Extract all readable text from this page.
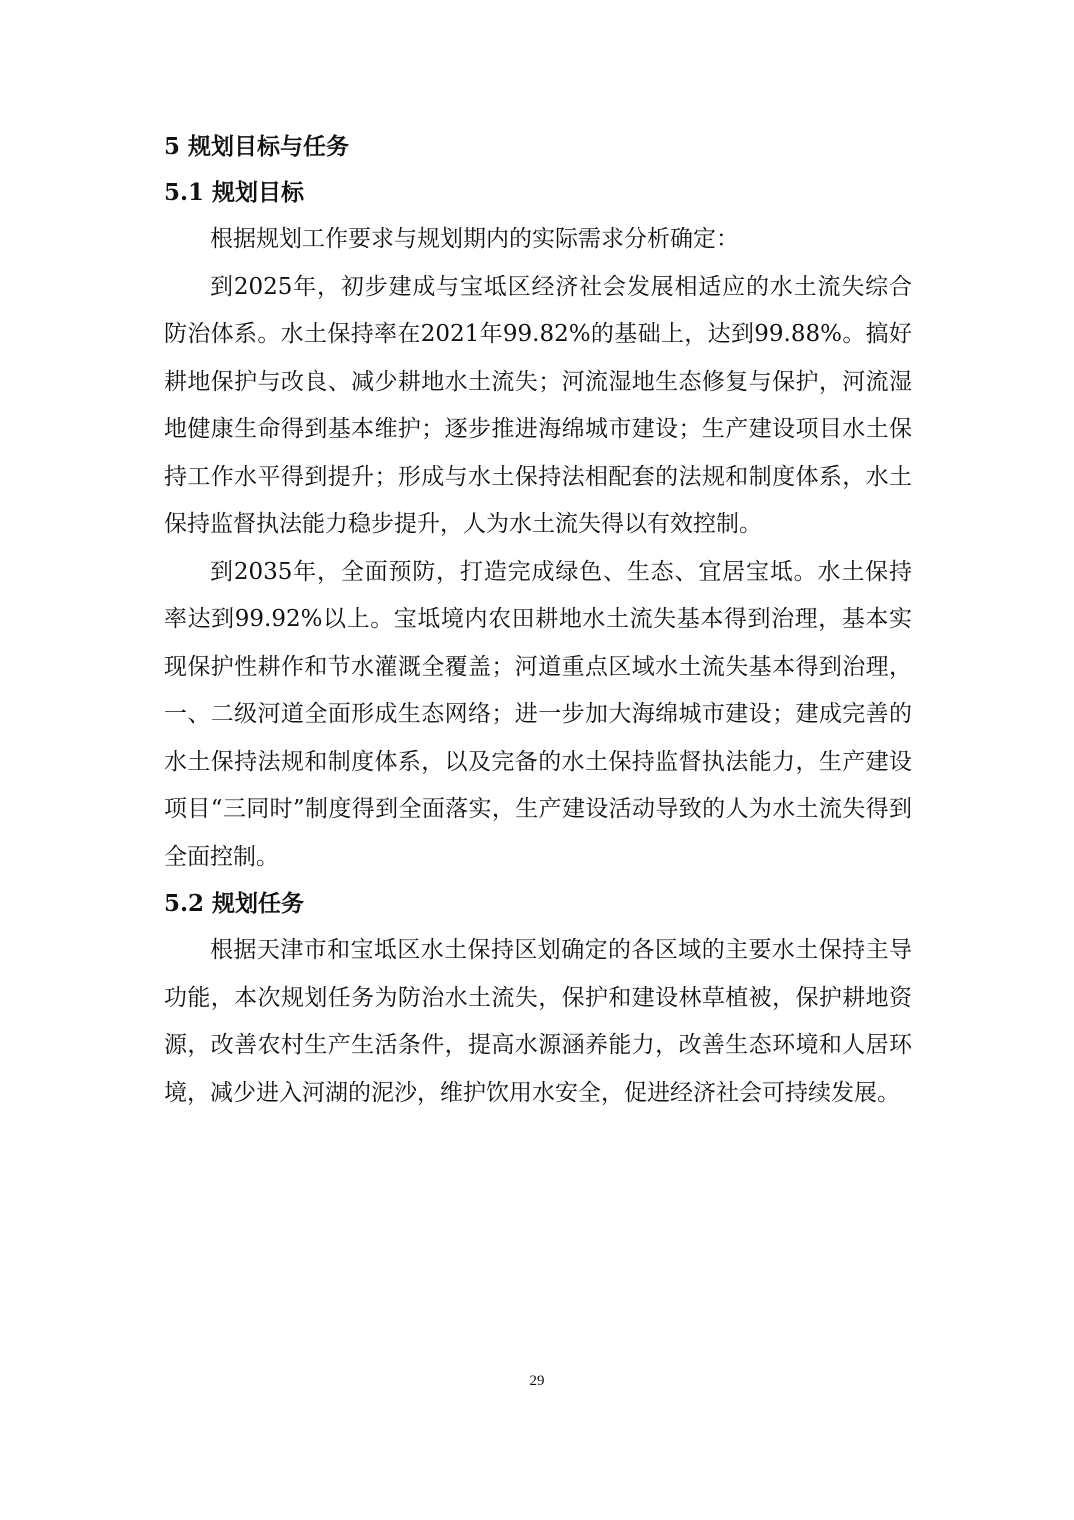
5 规划目标与任务
5.1 规划目标

根据规划工作要求与规划期内的实际需求分析确定：

到2025年，初步建成与宝坻区经济社会发展相适应的水土流失综合防治体系。水土保持率在2021年99.82%的基础上，达到99.88%。搞好耕地保护与改良、减少耕地水土流失；河流湿地生态修复与保护，河流湿地健康生命得到基本维护；逐步推进海绵城市建设；生产建设项目水土保持工作水平得到提升；形成与水土保持法相配套的法规和制度体系，水土保持监督执法能力稳步提升，人为水土流失得以有效控制。

到2035年，全面预防，打造完成绿色、生态、宜居宝坻。水土保持率达到99.92%以上。宝坻境内农田耕地水土流失基本得到治理，基本实现保护性耕作和节水灌溉全覆盖；河道重点区域水土流失基本得到治理，一、二级河道全面形成生态网络；进一步加大海绵城市建设；建成完善的水土保持法规和制度体系，以及完备的水土保持监督执法能力，生产建设项目“三同时”制度得到全面落实，生产建设活动导致的人为水土流失得到全面控制。

5.2 规划任务

根据天津市和宝坻区水土保持区划确定的各区域的主要水土保持主导功能，本次规划任务为防治水土流失，保护和建设林草植被，保护耕地资源，改善农村生产生活条件，提高水源涵养能力，改善生态环境和人居环境，减少进入河湖的泥沙，维护饮用水安全，促进经济社会可持续发展。

29
